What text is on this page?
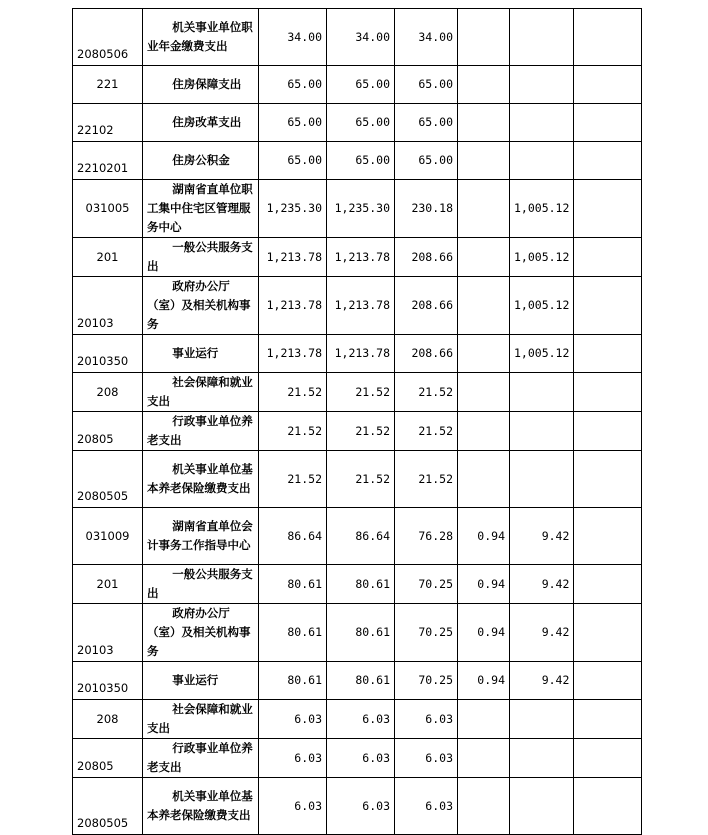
2080506	机关事业单位职业年金缴费支出	34.00	34.00	34.00			
221	住房保障支出	65.00	65.00	65.00			
22102	住房改革支出	65.00	65.00	65.00			
2210201	住房公积金	65.00	65.00	65.00			
031005	湖南省直单位职工集中住宅区管理服务中心	1,235.30	1,235.30	230.18		1,005.12	
201	一般公共服务支出	1,213.78	1,213.78	208.66		1,005.12	
20103	政府办公厅（室）及相关机构事务	1,213.78	1,213.78	208.66		1,005.12	
2010350	事业运行	1,213.78	1,213.78	208.66		1,005.12	
208	社会保障和就业支出	21.52	21.52	21.52			
20805	行政事业单位养老支出	21.52	21.52	21.52			
2080505	机关事业单位基本养老保险缴费支出	21.52	21.52	21.52			
031009	湖南省直单位会计事务工作指导中心	86.64	86.64	76.28	0.94	9.42	
201	一般公共服务支出	80.61	80.61	70.25	0.94	9.42	
20103	政府办公厅（室）及相关机构事务	80.61	80.61	70.25	0.94	9.42	
2010350	事业运行	80.61	80.61	70.25	0.94	9.42	
208	社会保障和就业支出	6.03	6.03	6.03			
20805	行政事业单位养老支出	6.03	6.03	6.03			
2080505	机关事业单位基本养老保险缴费支出	6.03	6.03	6.03			
